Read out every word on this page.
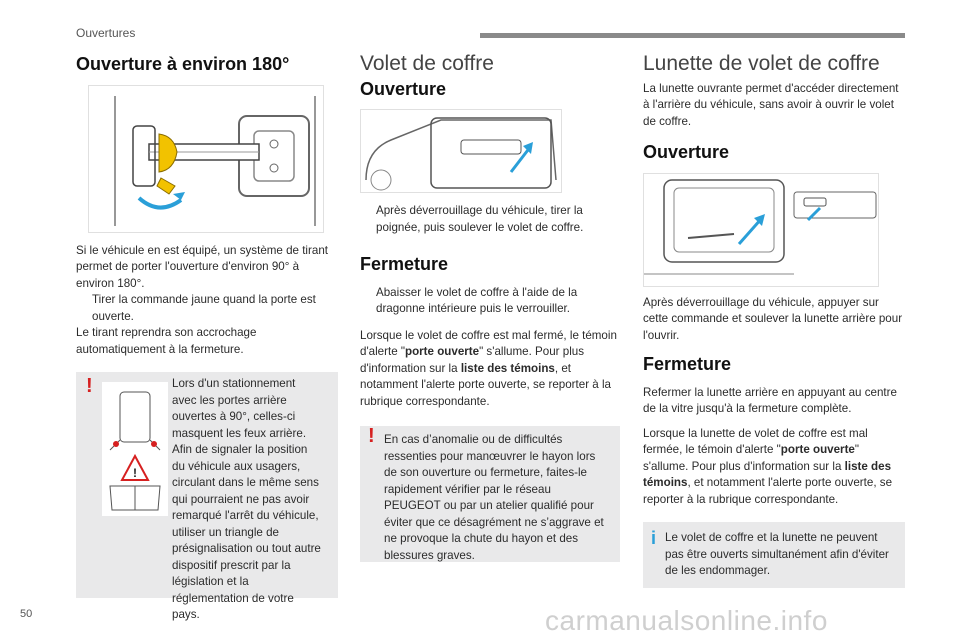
Ouvertures
Ouverture à environ 180°

Si le véhicule en est équipé, un système de tirant permet de porter l'ouverture d'environ 90° à environ 180°.

Tirer la commande jaune quand la porte est ouverte.

Le tirant reprendra son accrochage automatiquement à la fermeture.

!
!
Lors d'un stationnement avec les portes arrière ouvertes à 90°, celles-ci masquent les feux arrière. Afin de signaler la position du véhicule aux usagers, circulant dans le même sens qui pourraient ne pas avoir remarqué l'arrêt du véhicule, utiliser un triangle de présignalisation ou tout autre dispositif prescrit par la législation et la réglementation de votre pays.
Volet de coffre
Ouverture
Après déverrouillage du véhicule, tirer la poignée, puis soulever le volet de coffre.
Fermeture
Abaisser le volet de coffre à l'aide de la dragonne intérieure puis le verrouiller.

Lorsque le volet de coffre est mal fermé, le témoin d'alerte "porte ouverte" s'allume. Pour plus d'information sur la liste des témoins, et notamment l'alerte porte ouverte, se reporter à la rubrique correspondante.

! En cas d’anomalie ou de difficultés ressenties pour manœuvrer le hayon lors de son ouverture ou fermeture, faites-le rapidement vérifier par le réseau PEUGEOT ou par un atelier qualifié pour éviter que ce désagrément ne s’aggrave et ne provoque la chute du hayon et des blessures graves.
Lunette de volet de coffre

La lunette ouvrante permet d'accéder directement à l'arrière du véhicule, sans avoir à ouvrir le volet de coffre.

Ouverture

Après déverrouillage du véhicule, appuyer sur cette commande et soulever la lunette arrière pour l'ouvrir.

Fermeture

Refermer la lunette arrière en appuyant au centre de la vitre jusqu'à la fermeture complète.

Lorsque la lunette de volet de coffre est mal fermée, le témoin d'alerte "porte ouverte" s'allume. Pour plus d'information sur la liste des témoins, et notamment l'alerte porte ouverte, se reporter à la rubrique correspondante.

i Le volet de coffre et la lunette ne peuvent pas être ouverts simultanément afin d'éviter de les endommager.
50	carmanualsonline.info
